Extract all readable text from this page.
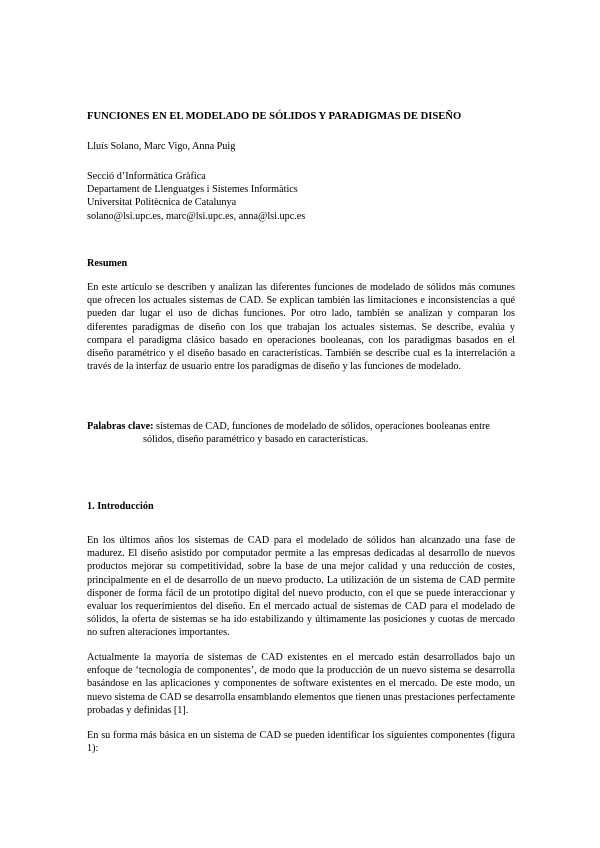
FUNCIONES EN EL MODELADO DE SÓLIDOS Y PARADIGMAS DE DISEÑO
Lluís Solano, Marc Vigo, Anna Puig
Secció d’Informàtica Gràfica
Departament de Llenguatges i Sistemes Informàtics
Universitat Politècnica de Catalunya
solano@lsi.upc.es, marc@lsi.upc.es, anna@lsi.upc.es
Resumen
En este artículo se describen y analizan las diferentes funciones de modelado de sólidos más comunes que ofrecen los actuales sistemas de CAD. Se explican también las limitaciones e inconsistencias a qué pueden dar lugar el uso de dichas funciones. Por otro lado, también se analizan y comparan los diferentes paradigmas de diseño con los que trabajan los actuales sistemas. Se describe, evalúa y compara el paradigma clásico basado en operaciones booleanas, con los paradigmas basados en el diseño paramétrico y el diseño basado en características. También se describe cual es la interrelación a través de la interfaz de usuario entre los paradigmas de diseño y las funciones de modelado.
Palabras clave: sistemas de CAD, funciones de modelado de sólidos, operaciones booleanas entre
sólidos, diseño paramétrico y basado en características.
1. Introducción
En los últimos años los sistemas de CAD para el modelado de sólidos han alcanzado una fase de madurez. El diseño asistido por computador permite a las empresas dedicadas al desarrollo de nuevos productos mejorar su competitividad, sobre la base de una mejor calidad y una reducción de costes, principalmente en el de desarrollo de un nuevo producto. La utilización de un sistema de CAD permite disponer de forma fácil de un prototipo digital del nuevo producto, con el que se puede interaccionar y evaluar los requerimientos del diseño. En el mercado actual de sistemas de CAD para el modelado de sólidos, la oferta de sistemas se ha ido estabilizando y últimamente las posiciones y cuotas de mercado no sufren alteraciones importantes.
Actualmente la mayoría de sistemas de CAD existentes en el mercado están desarrollados bajo un enfoque de ‘tecnología de componentes’, de modo que la producción de un nuevo sistema se desarrolla basándose en las aplicaciones y componentes de software existentes en el mercado. De este modo, un nuevo sistema de CAD se desarrolla ensamblando elementos que tienen unas prestaciones perfectamente probadas y definidas [1].
En su forma más básica en un sistema de CAD se pueden identificar los siguientes componentes (figura 1):
